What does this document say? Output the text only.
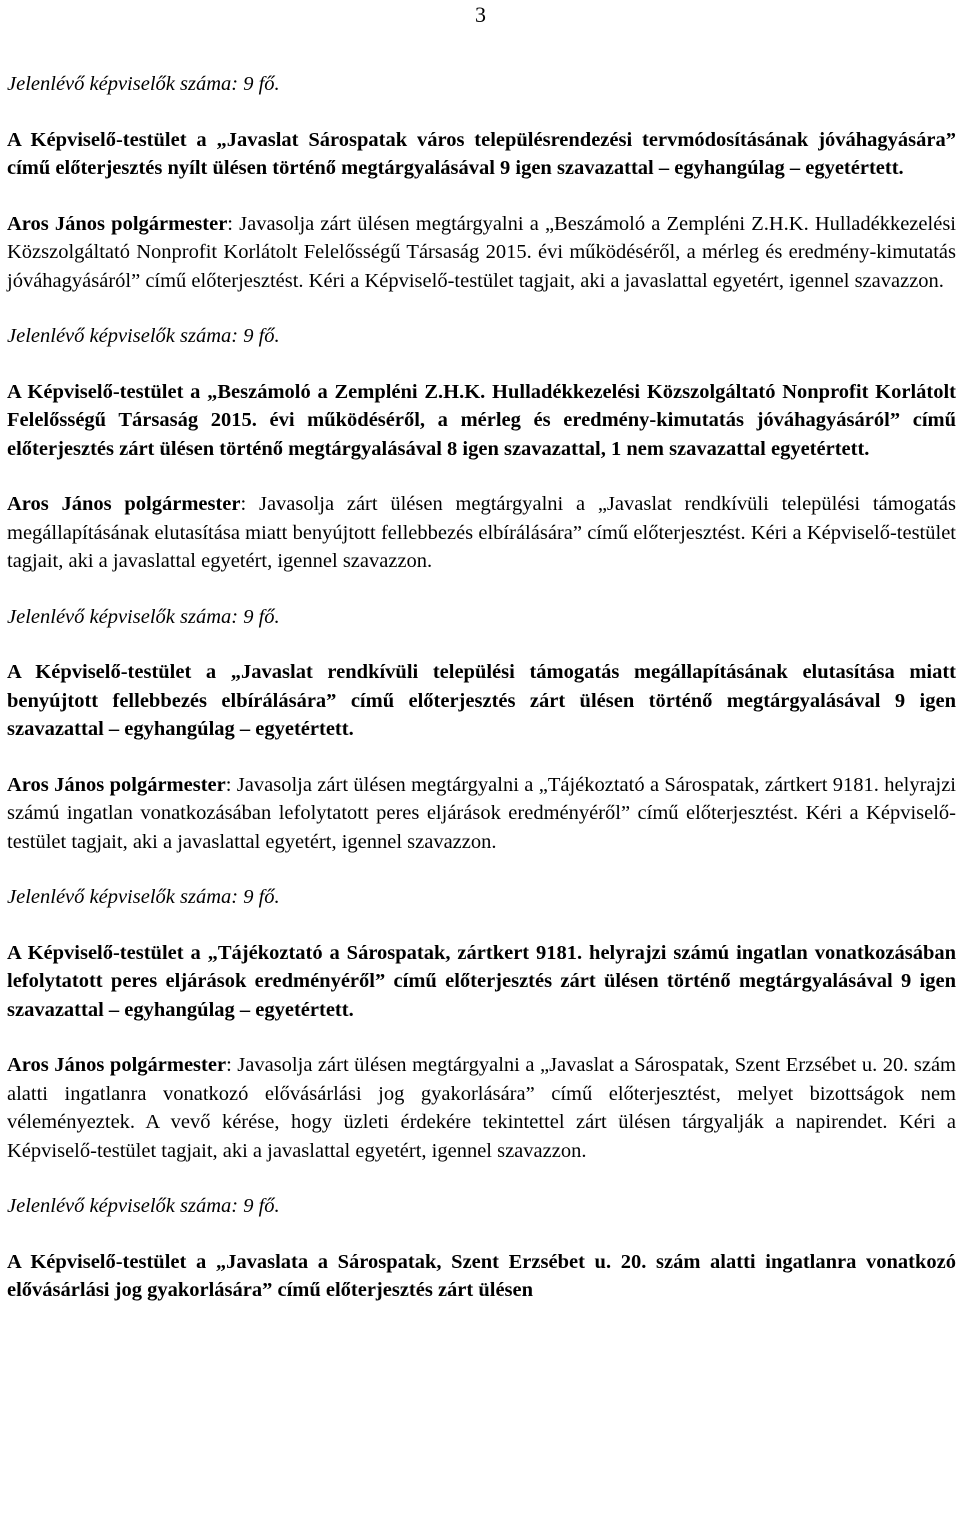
3

Jelenlévő képviselők száma: 9 fő.

A Képviselő-testület a „Javaslat Sárospatak város településrendezési tervmódosításának jóváhagyására” című előterjesztés nyílt ülésen történő megtárgyalásával 9 igen szavazattal – egyhangúlag – egyetértett.

Aros János polgármester: Javasolja zárt ülésen megtárgyalni a „Beszámoló a Zempléni Z.H.K. Hulladékkezelési Közszolgáltató Nonprofit Korlátolt Felelősségű Társaság 2015. évi működéséről, a mérleg és eredmény-kimutatás jóváhagyásáról” című előterjesztést. Kéri a Képviselő-testület tagjait, aki a javaslattal egyetért, igennel szavazzon.

Jelenlévő képviselők száma: 9 fő.

A Képviselő-testület a „Beszámoló a Zempléni Z.H.K. Hulladékkezelési Közszolgáltató Nonprofit Korlátolt Felelősségű Társaság 2015. évi működéséről, a mérleg és eredmény-kimutatás jóváhagyásáról” című előterjesztés zárt ülésen történő megtárgyalásával 8 igen szavazattal, 1 nem szavazattal egyetértett.

Aros János polgármester: Javasolja zárt ülésen megtárgyalni a „Javaslat rendkívüli települési támogatás megállapításának elutasítása miatt benyújtott fellebbezés elbírálására” című előterjesztést. Kéri a Képviselő-testület tagjait, aki a javaslattal egyetért, igennel szavazzon.

Jelenlévő képviselők száma: 9 fő.

A Képviselő-testület a „Javaslat rendkívüli települési támogatás megállapításának elutasítása miatt benyújtott fellebbezés elbírálására” című előterjesztés zárt ülésen történő megtárgyalásával 9 igen szavazattal – egyhangúlag – egyetértett.

Aros János polgármester: Javasolja zárt ülésen megtárgyalni a „Tájékoztató a Sárospatak, zártkert 9181. helyrajzi számú ingatlan vonatkozásában lefolytatott peres eljárások eredményéről” című előterjesztést. Kéri a Képviselő-testület tagjait, aki a javaslattal egyetért, igennel szavazzon.

Jelenlévő képviselők száma: 9 fő.

A Képviselő-testület a „Tájékoztató a Sárospatak, zártkert 9181. helyrajzi számú ingatlan vonatkozásában lefolytatott peres eljárások eredményéről” című előterjesztés zárt ülésen történő megtárgyalásával 9 igen szavazattal – egyhangúlag – egyetértett.

Aros János polgármester: Javasolja zárt ülésen megtárgyalni a „Javaslat a Sárospatak, Szent Erzsébet u. 20. szám alatti ingatlanra vonatkozó elővásárlási jog gyakorlására” című előterjesztést, melyet bizottságok nem véleményeztek. A vevő kérése, hogy üzleti érdekére tekintettel zárt ülésen tárgyalják a napirendet. Kéri a Képviselő-testület tagjait, aki a javaslattal egyetért, igennel szavazzon.

Jelenlévő képviselők száma: 9 fő.

A Képviselő-testület a „Javaslata a Sárospatak, Szent Erzsébet u. 20. szám alatti ingatlanra vonatkozó elővásárlási jog gyakorlására” című előterjesztés zárt ülésen
